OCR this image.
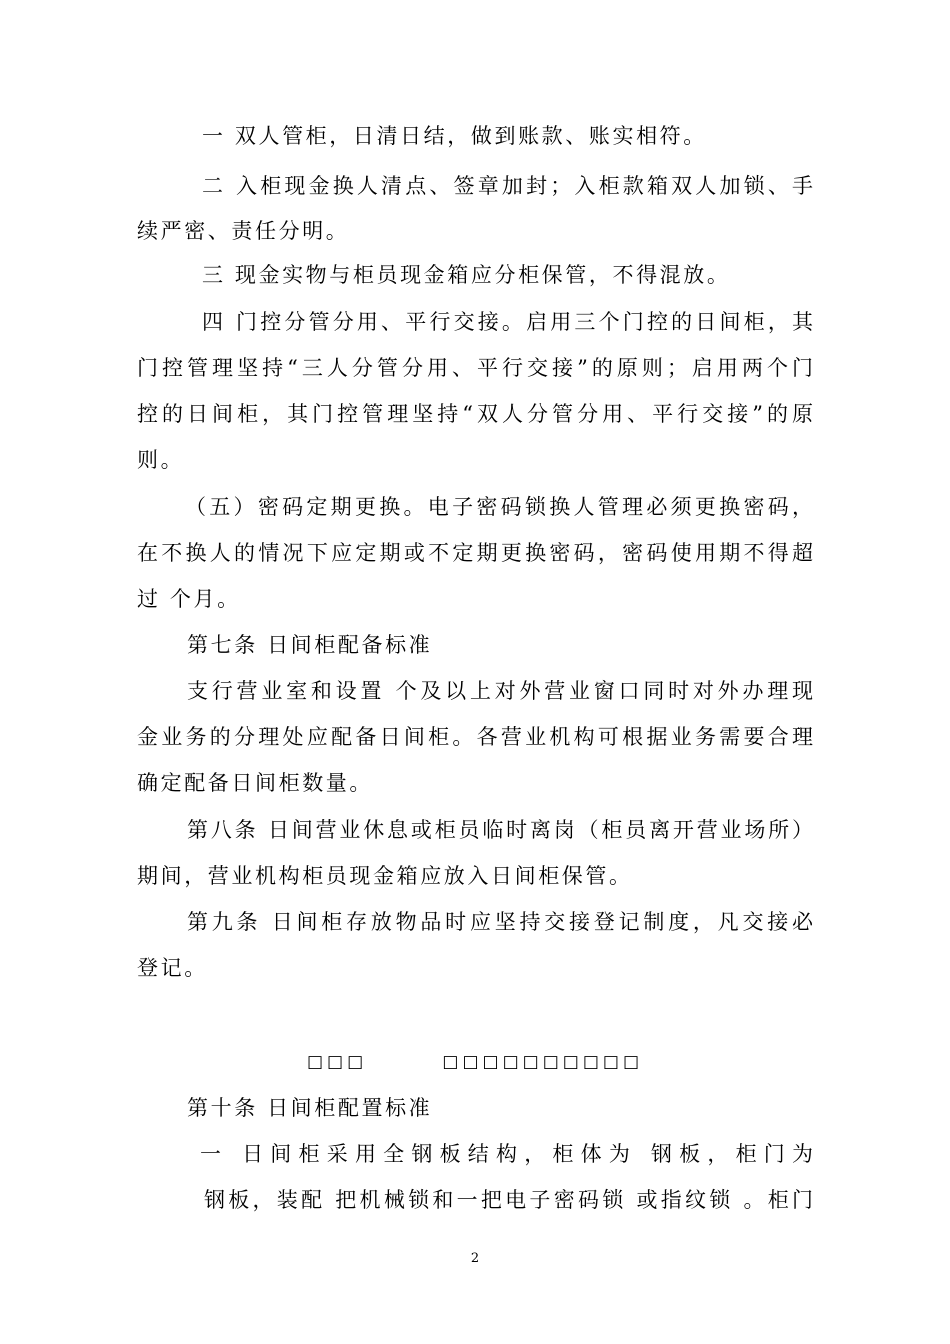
一 双人管柜，日清日结，做到账款、账实相符。
二 入柜现金换人清点、签章加封；入柜款箱双人加锁、手
续严密、责任分明。
三 现金实物与柜员现金箱应分柜保管，不得混放。
四 门控分管分用、平行交接。启用三个门控的日间柜，其
门控管理坚持“三人分管分用、平行交接”的原则；启用两个门
控的日间柜，其门控管理坚持“双人分管分用、平行交接”的原
则。
（五）密码定期更换。电子密码锁换人管理必须更换密码，
在不换人的情况下应定期或不定期更换密码，密码使用期不得超
过 个月。
第七条 日间柜配备标准
支行营业室和设置 个及以上对外营业窗口同时对外办理现
金业务的分理处应配备日间柜。各营业机构可根据业务需要合理
确定配备日间柜数量。
第八条 日间营业休息或柜员临时离岗（柜员离开营业场所）
期间，营业机构柜员现金箱应放入日间柜保管。
第九条 日间柜存放物品时应坚持交接登记制度，凡交接必
登记。
□□□        □□□□□□□□□□
第十条 日间柜配置标准
一 日间柜采用全钢板结构，柜体为 钢板，柜门为
钢板，装配 把机械锁和一把电子密码锁 或指纹锁 。柜门
2
